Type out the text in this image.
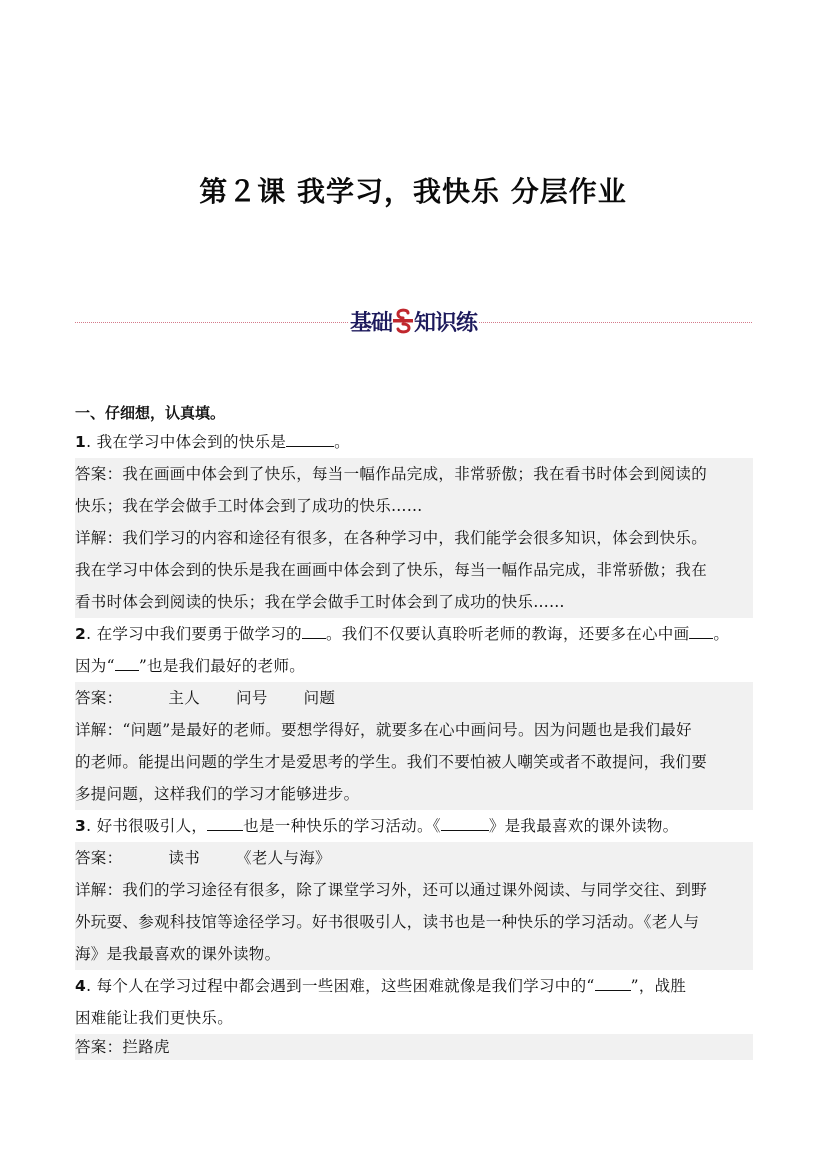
第２课 我学习，我快乐 分层作业
基础 知识练
一、仔细想，认真填。
1. 我在学习中体会到的快乐是	。
答案：我在画画中体会到了快乐，每当一幅作品完成，非常骄傲；我在看书时体会到阅读的
快乐；我在学会做手工时体会到了成功的快乐……
详解：我们学习的内容和途径有很多，在各种学习中，我们能学会很多知识，体会到快乐。
我在学习中体会到的快乐是我在画画中体会到了快乐，每当一幅作品完成，非常骄傲；我在
看书时体会到阅读的快乐；我在学会做手工时体会到了成功的快乐……
2. 在学习中我们要勇于做学习的 。我们不仅要认真聆听老师的教诲，还要多在心中画 。
因为“ ”也是我们最好的老师。
答案：	主人 问号 问题
详解：“问题”是最好的老师。要想学得好，就要多在心中画问号。因为问题也是我们最好
的老师。能提出问题的学生才是爱思考的学生。我们不要怕被人嘲笑或者不敢提问，我们要
多提问题，这样我们的学习才能够进步。
3. 好书很吸引人， 也是一种快乐的学习活动。《	》是我最喜欢的课外读物。
答案：	读书 《老人与海》
详解：我们的学习途径有很多，除了课堂学习外，还可以通过课外阅读、与同学交往、到野
外玩耍、参观科技馆等途径学习。好书很吸引人，读书也是一种快乐的学习活动。《老人与
海》是我最喜欢的课外读物。
4. 每个人在学习过程中都会遇到一些困难，这些困难就像是我们学习中的“ ”，战胜
困难能让我们更快乐。
答案：拦路虎
